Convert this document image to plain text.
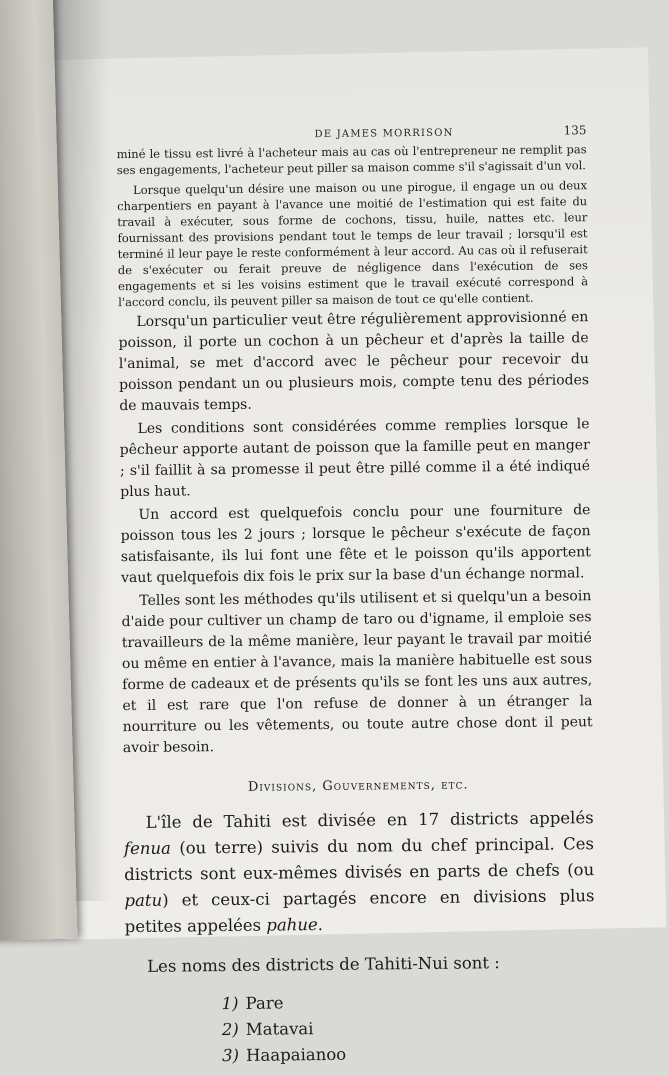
DE JAMES MORRISON	135

miné le tissu est livré à l'acheteur mais au cas où l'entrepreneur ne remplit pas ses engagements, l'acheteur peut piller sa maison comme s'il s'agissait d'un vol.

Lorsque quelqu'un désire une maison ou une pirogue, il engage un ou deux charpentiers en payant à l'avance une moitié de l'estimation qui est faite du travail à exécuter, sous forme de cochons, tissu, huile, nattes etc. leur fournissant des provisions pendant tout le temps de leur travail ; lorsqu'il est terminé il leur paye le reste conformément à leur accord. Au cas où il refuserait de s'exécuter ou ferait preuve de négligence dans l'exécution de ses engagements et si les voisins estiment que le travail exécuté correspond à l'accord conclu, ils peuvent piller sa maison de tout ce qu'elle contient.

Lorsqu'un particulier veut être régulièrement approvisionné en poisson, il porte un cochon à un pêcheur et d'après la taille de l'animal, se met d'accord avec le pêcheur pour recevoir du poisson pendant un ou plusieurs mois, compte tenu des périodes de mauvais temps.

Les conditions sont considérées comme remplies lorsque le pêcheur apporte autant de poisson que la famille peut en manger ; s'il faillit à sa promesse il peut être pillé comme il a été indiqué plus haut.

Un accord est quelquefois conclu pour une fourniture de poisson tous les 2 jours ; lorsque le pêcheur s'exécute de façon satisfaisante, ils lui font une fête et le poisson qu'ils apportent vaut quelquefois dix fois le prix sur la base d'un échange normal.

Telles sont les méthodes qu'ils utilisent et si quelqu'un a besoin d'aide pour cultiver un champ de taro ou d'igname, il emploie ses travailleurs de la même manière, leur payant le travail par moitié ou même en entier à l'avance, mais la manière habituelle est sous forme de cadeaux et de présents qu'ils se font les uns aux autres, et il est rare que l'on refuse de donner à un étranger la nourriture ou les vêtements, ou toute autre chose dont il peut avoir besoin.

Divisions, Gouvernements, etc.

L'île de Tahiti est divisée en 17 districts appelés fenua (ou terre) suivis du nom du chef principal. Ces districts sont eux-mêmes divisés en parts de chefs (ou patu) et ceux-ci partagés encore en divisions plus petites appelées pahue.

Les noms des districts de Tahiti-Nui sont :

1) Pare
2) Matavai
3) Haapaianoo
